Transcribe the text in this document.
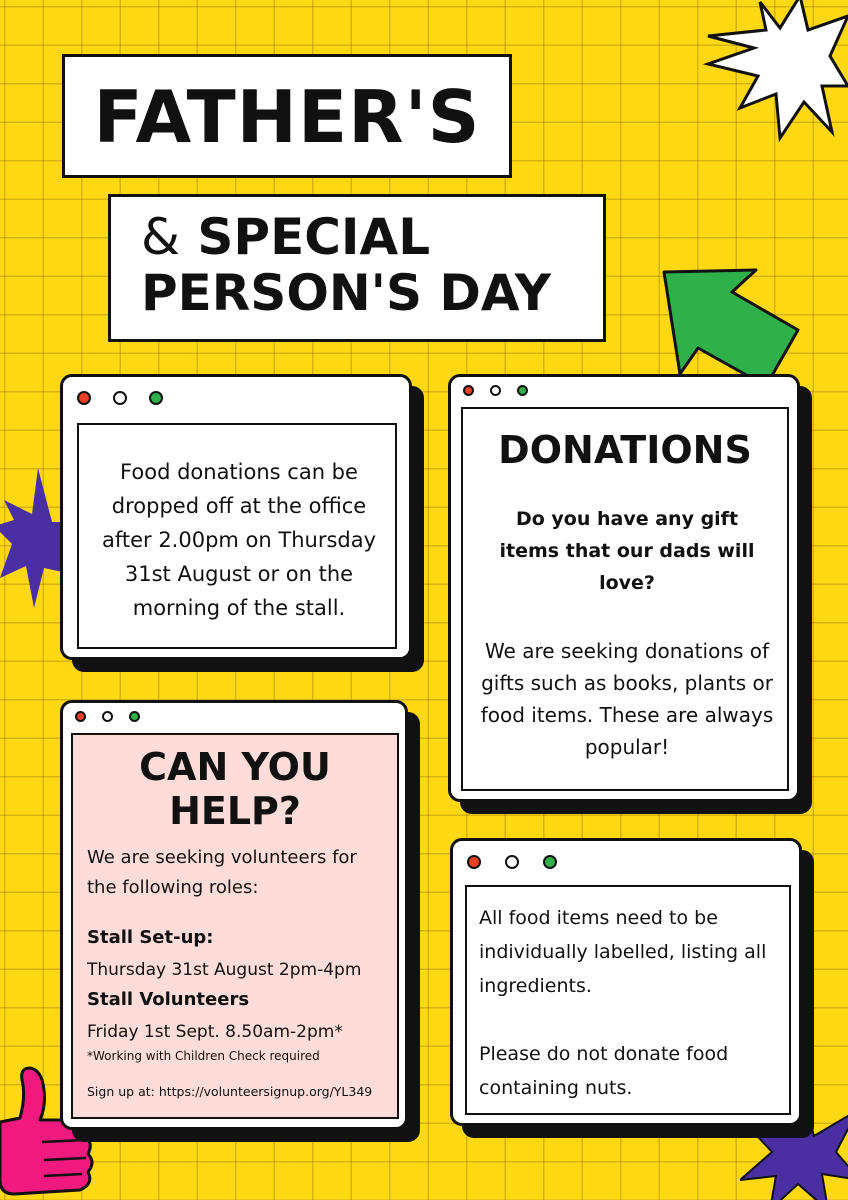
FATHER'S
& SPECIAL
PERSON'S DAY
Food donations can be dropped off at the office after 2.00pm on Thursday 31st August or on the morning of the stall.
DONATIONS
Do you have any gift items that our dads will love?
We are seeking donations of gifts such as books, plants or food items. These are always popular!
CAN YOU
HELP?
We are seeking volunteers for the following roles:
Stall Set-up:
Thursday 31st August 2pm-4pm
Stall Volunteers
Friday 1st Sept. 8.50am-2pm*
*Working with Children Check required
Sign up at: https://volunteersignup.org/YL349
All food items need to be individually labelled, listing all ingredients.
Please do not donate food containing nuts.
